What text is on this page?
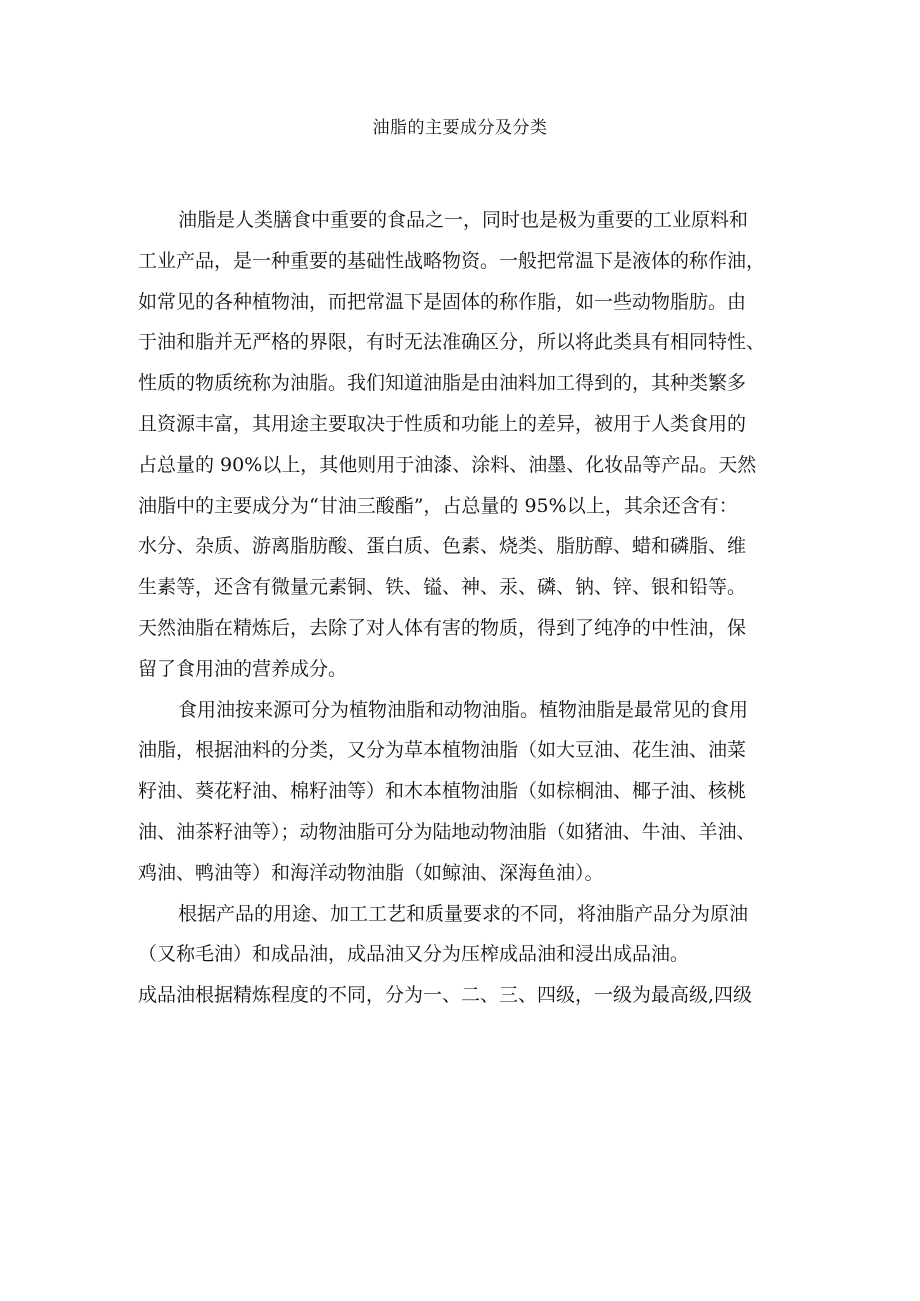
油脂的主要成分及分类
油脂是人类膳食中重要的食品之一，同时也是极为重要的工业原料和
工业产品，是一种重要的基础性战略物资。一般把常温下是液体的称作油，
如常见的各种植物油，而把常温下是固体的称作脂，如一些动物脂肪。由
于油和脂并无严格的界限，有时无法准确区分，所以将此类具有相同特性、
性质的物质统称为油脂。我们知道油脂是由油料加工得到的，其种类繁多
且资源丰富，其用途主要取决于性质和功能上的差异，被用于人类食用的
占总量的 90%以上，其他则用于油漆、涂料、油墨、化妆品等产品。天然
油脂中的主要成分为“甘油三酸酯”，占总量的 95%以上，其余还含有：
水分、杂质、游离脂肪酸、蛋白质、色素、烧类、脂肪醇、蜡和磷脂、维
生素等，还含有微量元素铜、铁、镒、神、汞、磷、钠、锌、银和铅等。
天然油脂在精炼后，去除了对人体有害的物质，得到了纯净的中性油，保
留了食用油的营养成分。
食用油按来源可分为植物油脂和动物油脂。植物油脂是最常见的食用
油脂，根据油料的分类，又分为草本植物油脂（如大豆油、花生油、油菜
籽油、葵花籽油、棉籽油等）和木本植物油脂（如棕榈油、椰子油、核桃
油、油茶籽油等）；动物油脂可分为陆地动物油脂（如猪油、牛油、羊油、
鸡油、鸭油等）和海洋动物油脂（如鲸油、深海鱼油）。
根据产品的用途、加工工艺和质量要求的不同，将油脂产品分为原油
（又称毛油）和成品油，成品油又分为压榨成品油和浸出成品油。
成品油根据精炼程度的不同，分为一、二、三、四级，一级为最高级,四级
